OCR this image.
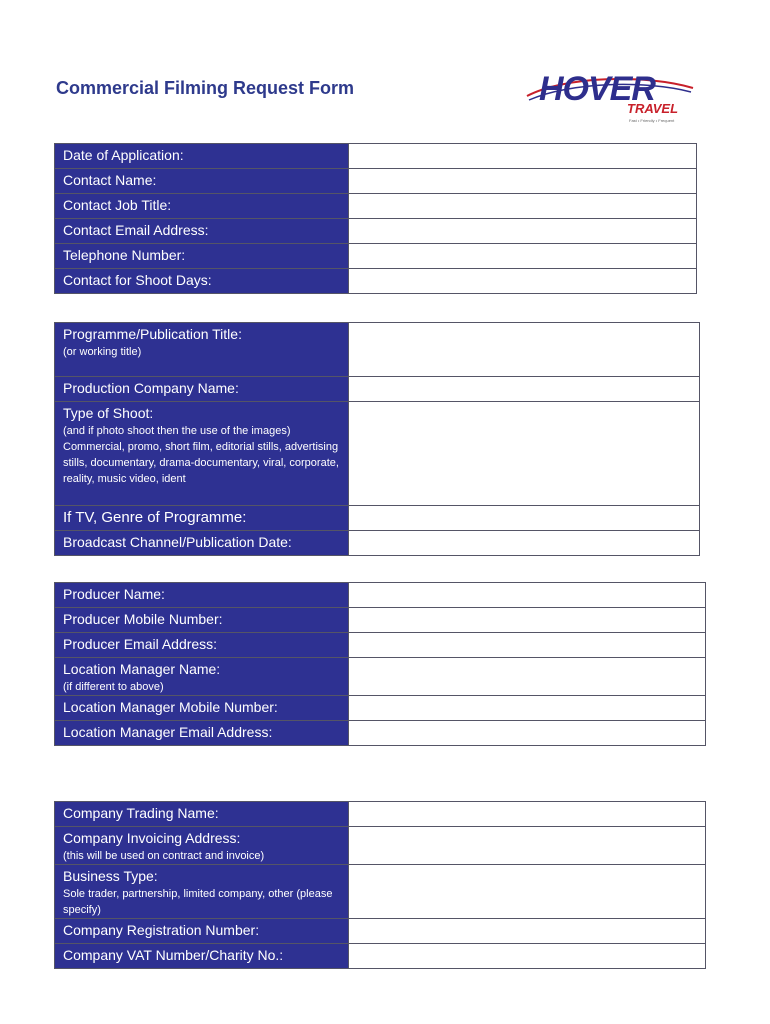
Commercial Filming Request Form	HOVER
TRAVEL
Fast • Friendly • Frequent
Date of Application:	

Contact Name:	

Contact Job Title:	

Contact Email Address:	

Telephone Number:	

Contact for Shoot Days:	

Programme/Publication Title:
(or working title)	

Production Company Name:	

Type of Shoot:
(and if photo shoot then the use of the images) Commercial, promo, short film, editorial stills, advertising stills, documentary, drama-documentary, viral, corporate, reality, music video, ident	

If TV, Genre of Programme:	

Broadcast Channel/Publication Date:	

Producer Name:	

Producer Mobile Number:	

Producer Email Address:	

Location Manager Name:
(if different to above)	

Location Manager Mobile Number:	

Location Manager Email Address:	

Company Trading Name:	

Company Invoicing Address:
(this will be used on contract and invoice)	

Business Type:
Sole trader, partnership, limited company, other (please specify)	

Company Registration Number:	

Company VAT Number/Charity No.:	
